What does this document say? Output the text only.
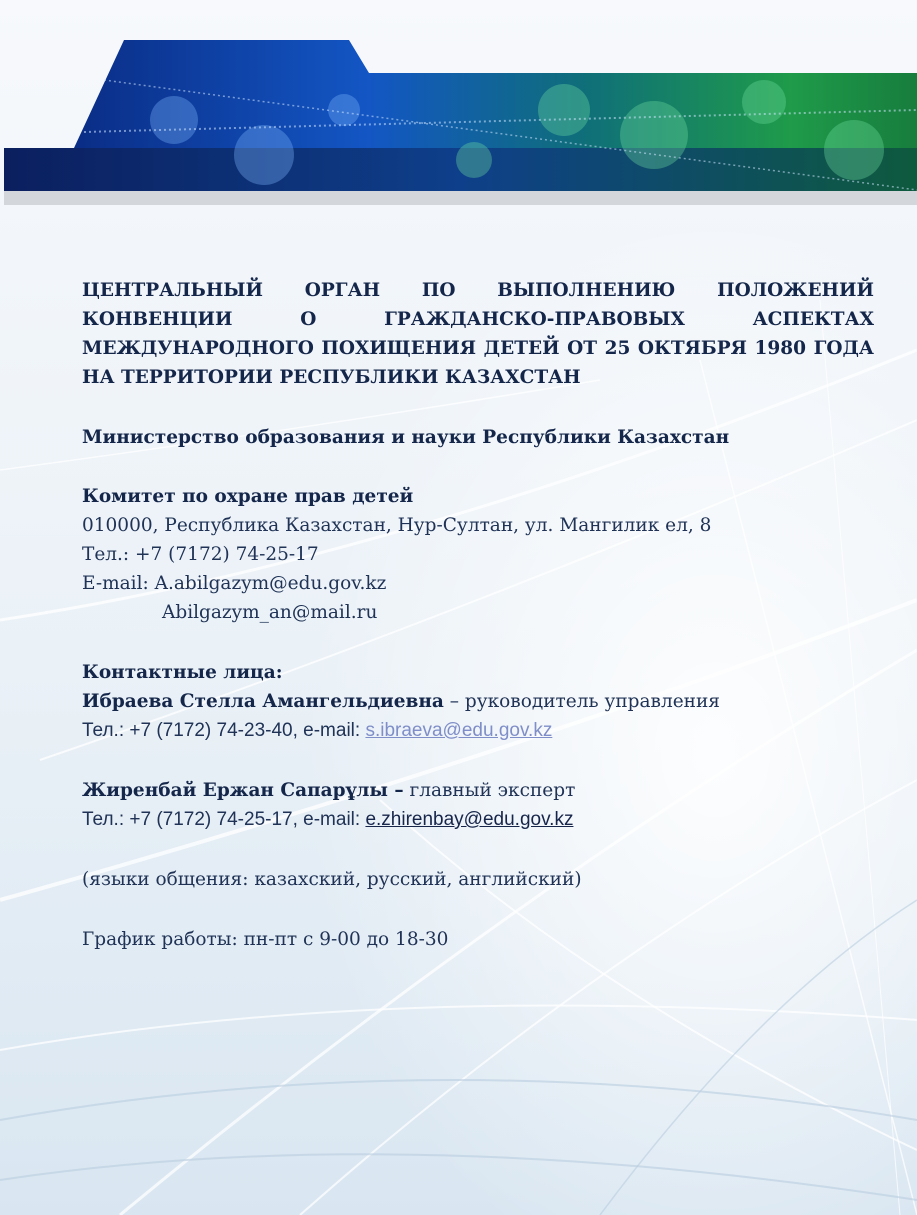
ЦЕНТРАЛЬНЫЙ ОРГАН ПО ВЫПОЛНЕНИЮ ПОЛОЖЕНИЙ КОНВЕНЦИИ О ГРАЖДАНСКО-ПРАВОВЫХ АСПЕКТАХ МЕЖДУНАРОДНОГО ПОХИЩЕНИЯ ДЕТЕЙ ОТ 25 ОКТЯБРЯ 1980 ГОДА НА ТЕРРИТОРИИ РЕСПУБЛИКИ КАЗАХСТАН

Министерство образования и науки Республики Казахстан

Комитет по охране прав детей
010000, Республика Казахстан, Нур-Султан, ул. Мангилик ел, 8
Тел.: +7 (7172) 74-25-17
E-mail: A.abilgazym@edu.gov.kz
Abilgazym_an@mail.ru
Контактные лица:
Ибраева Стелла Амангельдиевна – руководитель управления
Тел.: +7 (7172) 74-23-40, e-mail: s.ibraeva@edu.gov.kz
Жиренбай Ержан Сапарұлы – главный эксперт
Тел.: +7 (7172) 74-25-17, e-mail: e.zhirenbay@edu.gov.kz
(языки общения: казахский, русский, английский)
График работы: пн-пт с 9-00 до 18-30
